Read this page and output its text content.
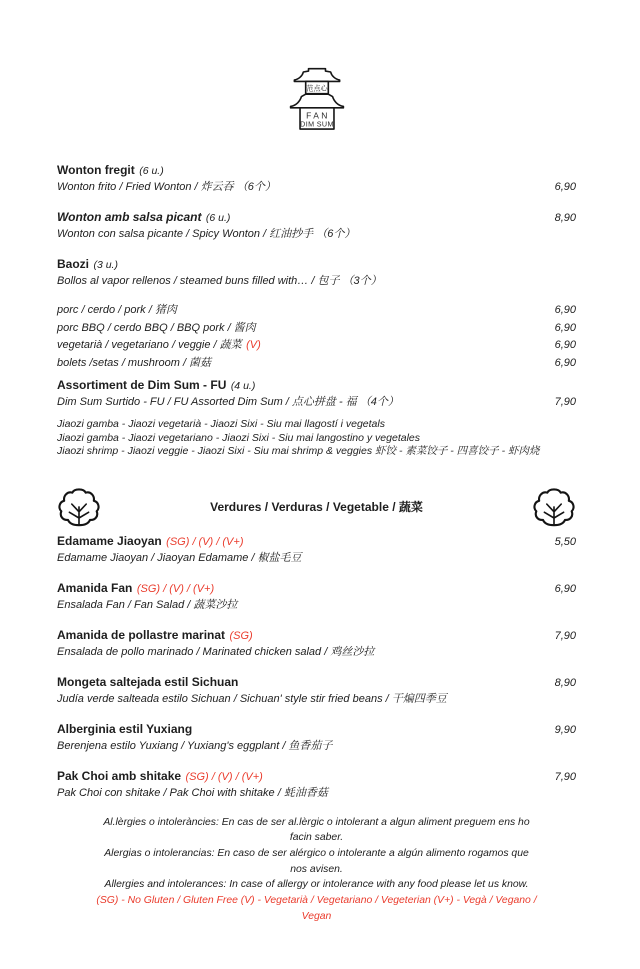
范点心
FAN
DIM SUM
Wonton fregit (6 u.)
Wonton frito / Fried Wonton / 炸云吞 （6个）	6,90
Wonton amb salsa picant (6 u.)	8,90
Wonton con salsa picante / Spicy Wonton / 红油抄手 （6个）
Baozi (3 u.)
Bollos al vapor rellenos / steamed buns filled with… / 包子 （3个）
porc / cerdo / pork / 猪肉	6,90
porc BBQ / cerdo BBQ / BBQ pork / 酱肉	6,90
vegetarià / vegetariano / veggie / 蔬菜 (V)	6,90
bolets /setas / mushroom / 菌菇	6,90
Assortiment de Dim Sum - FU (4 u.)
Dim Sum Surtido - FU / FU Assorted Dim Sum / 点心拼盘 - 福 （4个）	7,90
Jiaozi gamba - Jiaozi vegetarià - Jiaozi Sixi - Siu mai llagostí i vegetals
Jiaozi gamba - Jiaozi vegetariano - Jiaozi Sixi - Siu mai langostino y vegetales
Jiaozi shrimp - Jiaozi veggie - Jiaozi Sixi - Siu mai shrimp & veggies 虾饺 - 素菜饺子 - 四喜饺子 - 虾肉烧
Verdures / Verduras / Vegetable / 蔬菜
Edamame Jiaoyan (SG) / (V) / (V+)	5,50
Edamame Jiaoyan / Jiaoyan Edamame / 椒盐毛豆
Amanida Fan (SG) / (V) / (V+)	6,90
Ensalada Fan / Fan Salad / 蔬菜沙拉
Amanida de pollastre marinat (SG)	7,90
Ensalada de pollo marinado / Marinated chicken salad / 鸡丝沙拉
Mongeta saltejada estil Sichuan	8,90
Judía verde salteada estilo Sichuan / Sichuan' style stir fried beans / 干煸四季豆
Alberginia estil Yuxiang	9,90
Berenjena estilo Yuxiang / Yuxiang's eggplant / 鱼香茄子
Pak Choi amb shitake (SG) / (V) / (V+)	7,90
Pak Choi con shitake / Pak Choi with shitake / 蚝油香菇
Al.lèrgies o intoleràncies: En cas de ser al.lèrgic o intolerant a algun aliment preguem ens ho facin saber.
Alergias o intolerancias: En caso de ser alérgico o intolerante a algún alimento rogamos que nos avisen.
Allergies and intolerances: In case of allergy or intolerance with any food please let us know.
(SG) - No Gluten / Gluten Free (V) - Vegetarià / Vegetariano / Vegeterian (V+) - Vegà / Vegano / Vegan
